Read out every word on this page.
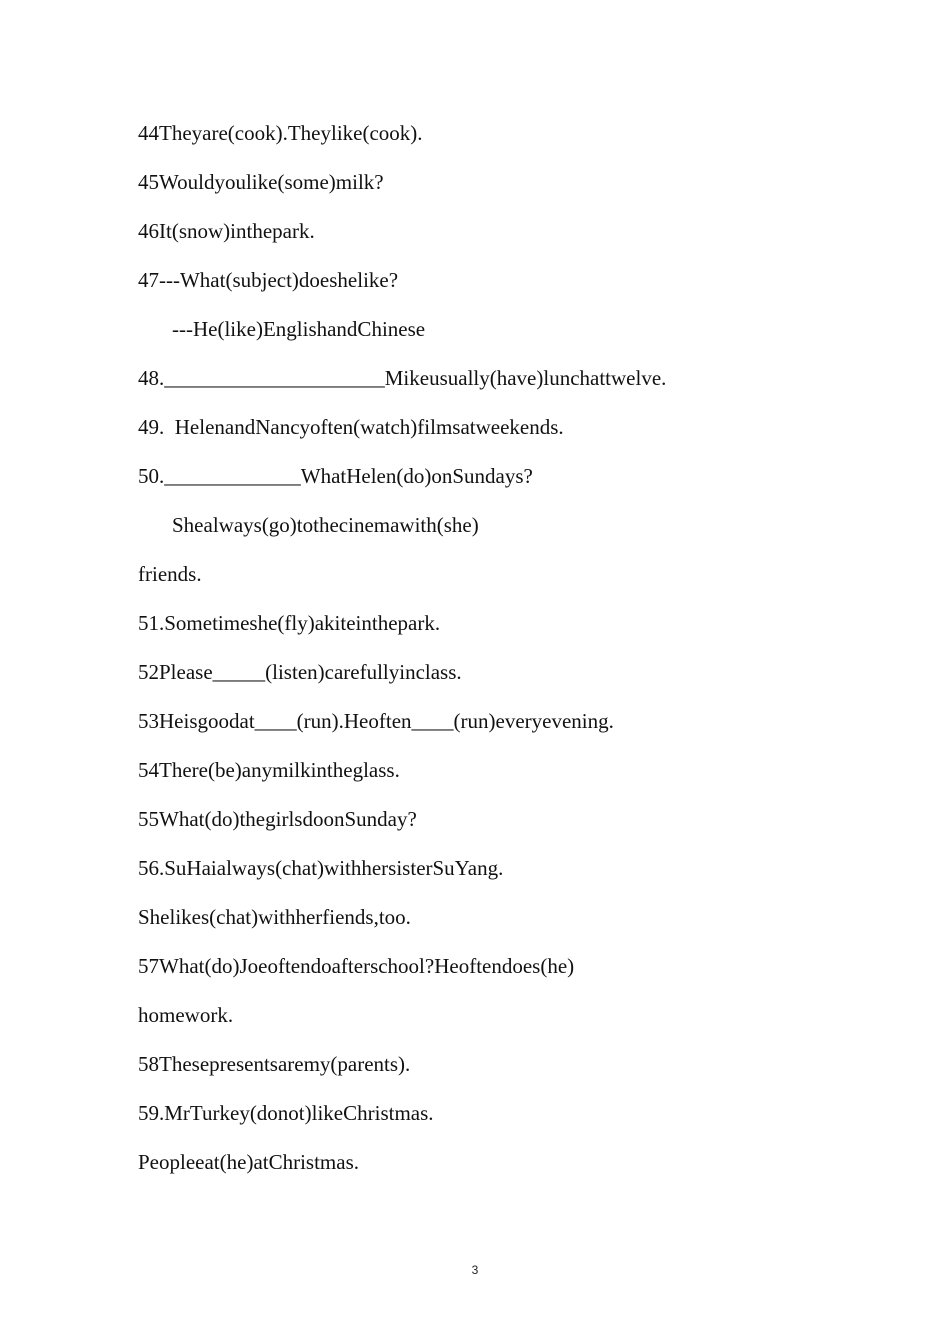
44Theyare(cook).Theylike(cook).
45Wouldyoulike(some)milk?
46It(snow)inthepark.
47---What(subject)doeshelike?
---He(like)EnglishandChinese
48._____________________Mikeusually(have)lunchattwelve.
49.  HelenandNancyoften(watch)filmsatweekends.
50._____________WhatHelen(do)onSundays?
Shealways(go)tothecinemawith(she)
friends.
51.Sometimeshe(fly)akiteinthepark.
52Please_____(listen)carefullyinclass.
53Heisgoodat____(run).Heoften____(run)everyevening.
54There(be)anymilkintheglass.
55What(do)thegirlsdoonSunday?
56.SuHaialways(chat)withhersisterSuYang.
Shelikes(chat)withherfiends,too.
57What(do)Joeoftendoafterschool?Heoftendoes(he)
homework.
58Thesepresentsaremy(parents).
59.MrTurkey(donot)likeChristmas.
Peopleeat(he)atChristmas.
3
